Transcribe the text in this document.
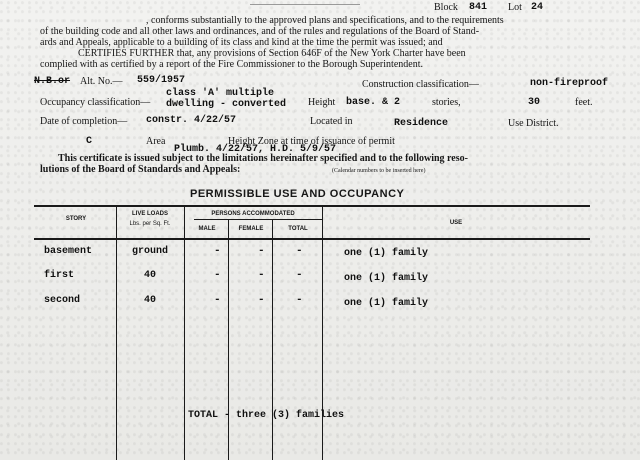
Block 841 Lot 24
, conforms substantially to the approved plans and specifications, and to the requirements
of the building code and all other laws and ordinances, and of the rules and regulations of the Board of Stand-
ards and Appeals, applicable to a building of its class and kind at the time the permit was issued; and
CERTIFIES FURTHER that, any provisions of Section 646F of the New York Charter have been
complied with as certified by a report of the Fire Commissioner to the Borough Superintendent.
N.B.or Alt. No.— 559/1957	Construction classification—	non-fireproof
Occupancy classification—
class 'A' multiple
dwelling - converted Height base. & 2	stories,	30	feet.
Date of completion— constr. 4/22/57	Located in	Residence	Use District.
C	Area	Height Zone at time of issuance of permit
Plumb. 4/22/57, H.D. 5/9/57
This certificate is issued subject to the limitations hereinafter specified and to the following reso-
lutions of the Board of Standards and Appeals:	(Calendar numbers to be inserted here)
PERMISSIBLE USE AND OCCUPANCY
STORY
LIVE LOADS
Lbs. per Sq. Ft.
PERSONS ACCOMMODATED
MALE	FEMALE	TOTAL
USE
basement	ground	-	-	-	one (1) family
first	40	-	-	-	one (1) family
second	40	-	-	-	one (1) family
TOTAL - three (3) families
